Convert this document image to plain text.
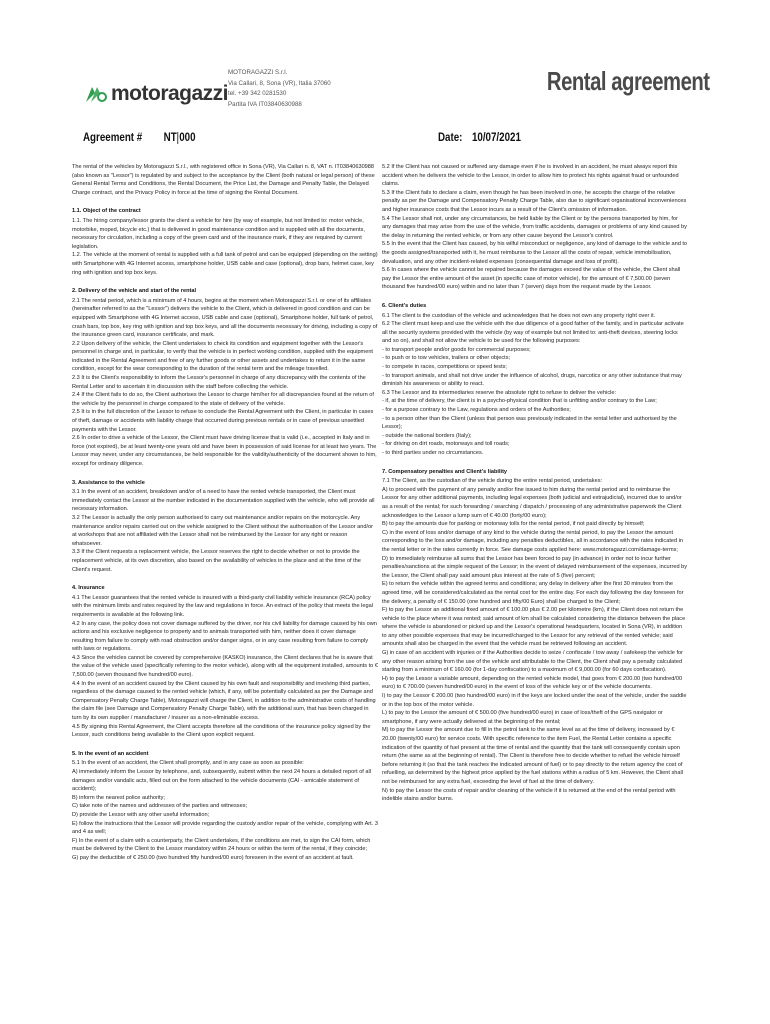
motoragazzi
MOTORAGAZZI S.r.l.
Via Callari, 8, Sona (VR), Italia 37060
tel. +39 342 0281530
Partita IVA IT03840630988
Rental agreement
Agreement # NT 000	Date: 10/07/2021

The rental of the vehicles by Motoragazzi S.r.l., with registered office in Sona (VR), Via Callari n. 8, VAT n. IT03840630988 (also known as "Lessor") is regulated by and subject to the acceptance by the Client (both natural or legal person) of these General Rental Terms and Conditions, the Rental Document, the Price List, the Damage and Penalty Table, the Delayed Charge contract, and the Privacy Policy in force at the time of signing the Rental Document.

1.1. Object of the contract

1.1. The hiring company/lessor grants the client a vehicle for hire (by way of example, but not limited to: motor vehicle, motorbike, moped, bicycle etc.) that is delivered in good maintenance condition and is supplied with all the documents, necessary for circulation, including a copy of the green card and of the insurance mark, if they are required by current legislation.

1.2. The vehicle at the moment of rental is supplied with a full tank of petrol and can be equipped (depending on the setting) with Smartphone with 4G Internet access, smartphone holder, USB cable and case (optional), drop bars, helmet case, key ring with ignition and top box keys.

2. Delivery of the vehicle and start of the rental

2.1 The rental period, which is a minimum of 4 hours, begins at the moment when Motoragazzi S.r.l. or one of its affiliates (hereinafter referred to as the "Lessor") delivers the vehicle to the Client, which is delivered in good condition and can be equipped with Smartphone with 4G Internet access, USB cable and case (optional), Smartphone holder, full tank of petrol, crash bars, top box, key ring with ignition and top box keys, and all the documents necessary for driving, including a copy of the insurance green card, insurance certificate, and mark.

2.2 Upon delivery of the vehicle, the Client undertakes to check its condition and equipment together with the Lessor's personnel in charge and, in particular, to verify that the vehicle is in perfect working condition, supplied with the equipment indicated in the Rental Agreement and free of any further goods or other assets and undertakes to return it in the same condition, except for the wear corresponding to the duration of the rental term and the mileage travelled.

2.3 It is the Client's responsibility to inform the Lessor's personnel in charge of any discrepancy with the contents of the Rental Letter and to ascertain it in discussion with the staff before collecting the vehicle.

2.4 If the Client fails to do so, the Client authorises the Lessor to charge him/her for all discrepancies found at the return of the vehicle by the personnel in charge compared to the state of delivery of the vehicle.

2.5 It is in the full discretion of the Lessor to refuse to conclude the Rental Agreement with the Client, in particular in cases of theft, damage or accidents with liability charge that occurred during previous rentals or in case of previous unsettled payments with the Lessor.

2.6 In order to drive a vehicle of the Lessor, the Client must have driving license that is valid (i.e., accepted in Italy and in force (not expired), be at least twenty-one years old and have been in possession of said license for at least two years. The Lessor may never, under any circumstances, be held responsible for the validity/authenticity of the document shown to him, except for ordinary diligence.

3. Assistance to the vehicle

3.1 In the event of an accident, breakdown and/or of a need to have the rented vehicle transported, the Client must immediately contact the Lessor at the number indicated in the documentation supplied with the vehicle, who will provide all necessary information.

3.2 The Lessor is actually the only person authorised to carry out maintenance and/or repairs on the motorcycle. Any maintenance and/or repairs carried out on the vehicle assigned to the Client without the authorisation of the Lessor and/or at workshops that are not affiliated with the Lessor shall not be reimbursed by the Lessor for any right or reason whatsoever.

3.3 If the Client requests a replacement vehicle, the Lessor reserves the right to decide whether or not to provide the replacement vehicle, at its own discretion, also based on the availability of vehicles in the place and at the time of the Client's request.

4. Insurance

4.1 The Lessor guarantees that the rented vehicle is insured with a third-party civil liability vehicle insurance (RCA) policy with the minimum limits and rates required by the law and regulations in force. An extract of the policy that meets the legal requirements is available at the following link.

4.2 In any case, the policy does not cover damage suffered by the driver, nor his civil liability for damage caused by his own actions and his exclusive negligence to property and to animals transported with him, neither does it cover damage resulting from failure to comply with road obstruction and/or danger signs, or in any case resulting from failure to comply with laws or regulations.

4.3 Since the vehicles cannot be covered by comprehensive (KASKO) insurance, the Client declares that he is aware that the value of the vehicle used (specifically referring to the motor vehicle), along with all the equipment installed, amounts to € 7,500.00 (seven thousand five hundred/00 euro).

4.4 In the event of an accident caused by the Client caused by his own fault and responsibility and involving third parties, regardless of the damage caused to the rented vehicle (which, if any, will be potentially calculated as per the Damage and Compensatory Penalty Charge Table), Motoragazzi will charge the Client, in addition to the administrative costs of handling the claim file (see Damage and Compensatory Penalty Charge Table), with the additional sum, that has been charged in turn by its own supplier / manufacturer / insurer as a non-eliminable excess.

4.5 By signing this Rental Agreement, the Client accepts therefore all the conditions of the insurance policy signed by the Lessor, such conditions being available to the Client upon explicit request.

5. In the event of an accident

5.1 In the event of an accident, the Client shall promptly, and in any case as soon as possible:

A) immediately inform the Lessor by telephone, and, subsequently, submit within the next 24 hours a detailed report of all damages and/or vandalic acts, filled out on the form attached to the vehicle documents (CAI - amicable statement of accident);

B) inform the nearest police authority;

C) take note of the names and addresses of the parties and witnesses;

D) provide the Lessor with any other useful information;

E) follow the instructions that the Lessor will provide regarding the custody and/or repair of the vehicle, complying with Art. 3 and 4 as well;

F) In the event of a claim with a counterparty, the Client undertakes, if the conditions are met, to sign the CAI form, which must be delivered by the Client to the Lessor mandatory within 24 hours or within the term of the rental, if they coincide;

G) pay the deductible of € 250.00 (two hundred fifty hundred/00 euro) foreseen in the event of an accident at fault.

5.2 If the Client has not caused or suffered any damage even if he is involved in an accident, he must always report this accident when he delivers the vehicle to the Lessor, in order to allow him to protect his rights against fraud or unfounded claims.

5.3 If the Client fails to declare a claim, even though he has been involved in one, he accepts the charge of the relative penalty as per the Damage and Compensatory Penalty Charge Table, also due to significant organisational inconveniences and higher insurance costs that the Lessor incurs as a result of the Client's omission of information.

5.4 The Lessor shall not, under any circumstances, be held liable by the Client or by the persons transported by him, for any damages that may arise from the use of the vehicle, from traffic accidents, damages or problems of any kind caused by the delay in returning the rented vehicle, or from any other cause beyond the Lessor's control.

5.5 In the event that the Client has caused, by his wilful misconduct or negligence, any kind of damage to the vehicle and to the goods assigned/transported with it, he must reimburse to the Lessor all the costs of repair, vehicle immobilisation, devaluation, and any other incident-related expenses (consequential damage and loss of profit).

5.6 In cases where the vehicle cannot be repaired because the damages exceed the value of the vehicle, the Client shall pay the Lessor the entire amount of the asset (in specific case of motor vehicle), for the amount of € 7,500.00 (seven thousand five hundred/00 euro) within and no later than 7 (seven) days from the request made by the Lessor.

6. Client's duties

6.1 The client is the custodian of the vehicle and acknowledges that he does not own any property right over it.

6.2 The client must keep and use the vehicle with the due diligence of a good father of the family, and in particular activate all the security systems provided with the vehicle (by way of example but not limited to: anti-theft devices, steering locks and so on), and shall not allow the vehicle to be used for the following purposes:

- to transport people and/or goods for commercial purposes;

- to push or to tow vehicles, trailers or other objects;

- to compete in races, competitions or speed tests;

- to transport animals, and shall not drive under the influence of alcohol, drugs, narcotics or any other substance that may diminish his awareness or ability to react.

6.3 The Lessor and its intermediaries reserve the absolute right to refuse to deliver the vehicle:

- if, at the time of delivery, the client is in a psycho-physical condition that is unfitting and/or contrary to the Law;

- for a purpose contrary to the Law, regulations and orders of the Authorities;

- to a person other than the Client (unless that person was previously indicated in the rental letter and authorised by the Lessor);

- outside the national borders (Italy);

- for driving on dirt roads, motorways and toll roads;

- to third parties under no circumstances.

7. Compensatory penalties and Client's liability

7.1 The Client, as the custodian of the vehicle during the entire rental period, undertakes:

A) to proceed with the payment of any penalty and/or fine issued to him during the rental period and to reimburse the Lessor for any other additional payments, including legal expenses (both judicial and extrajudicial), incurred due to and/or as a result of the rental; for such forwarding / searching / dispatch / processing of any administrative paperwork the Client acknowledges to the Lessor a lump sum of € 40.00 (forty/00 euro);

B) to pay the amounts due for parking or motorway tolls for the rental period, if not paid directly by himself;

C) in the event of loss and/or damage of any kind to the vehicle during the rental period, to pay the Lessor the amount corresponding to the loss and/or damage, including any penalties deductibles, all in accordance with the rates indicated in the rental letter or in the rates currently in force. See damage costs applied here: www.motoragazzi.com/damage-terms;

D) to immediately reimburse all sums that the Lessor has been forced to pay (in advance) in order not to incur further penalties/sanctions at the simple request of the Lessor; in the event of delayed reimbursement of the expenses, incurred by the Lessor, the Client shall pay said amount plus interest at the rate of 5 (five) percent;

E) to return the vehicle within the agreed terms and conditions; any delay in delivery after the first 30 minutes from the agreed time, will be considered/calculated as the rental cost for the entire day. For each day following the day foreseen for the delivery, a penalty of € 150.00 (one hundred and fifty/00 Euro) shall be charged to the Client;

F) to pay the Lessor an additional fixed amount of € 100.00 plus € 2.00 per kilometre (km), if the Client does not return the vehicle to the place where it was rented; said amount of km shall be calculated considering the distance between the place where the vehicle is abandoned or picked up and the Lessor's operational headquarters, located in Sona (VR), in addition to any other possible expenses that may be incurred/charged to the Lessor for any retrieval of the rented vehicle; said amounts shall also be charged in the event that the vehicle must be retrieved following an accident.

G) in case of an accident with injuries or if the Authorities decide to seize / confiscate / tow away / safekeep the vehicle for any other reason arising from the use of the vehicle and attributable to the Client, the Client shall pay a penalty calculated starting from a minimum of € 160.00 (for 1-day confiscation) to a maximum of € 9,000.00 (for 60 days confiscation).

H) to pay the Lessor a variable amount, depending on the rented vehicle model, that goes from € 200.00 (two hundred/00 euro) to € 700.00 (seven hundred/00 euro) in the event of loss of the vehicle key or of the vehicle documents.

I) to pay the Lessor € 200.00 (two hundred/00 euro) in if the keys are locked under the seat of the vehicle, under the saddle or in the top box of the motor vehicle.

L) to pay to the Lessor the amount of € 500.00 (five hundred/00 euro) in case of loss/theft of the GPS navigator or smartphone, if any were actually delivered at the beginning of the rental;

M) to pay the Lessor the amount due to fill in the petrol tank to the same level as at the time of delivery, increased by € 20.00 (twenty/00 euro) for service costs. With specific reference to the item Fuel, the Rental Letter contains a specific indication of the quantity of fuel present at the time of rental and the quantity that the tank will consequently contain upon return (the same as at the beginning of rental). The Client is therefore free to decide whether to refuel the vehicle himself before returning it (so that the tank reaches the indicated amount of fuel) or to pay directly to the return agency the cost of refuelling, as determined by the highest price applied by the fuel stations within a radius of 5 km. However, the Client shall not be reimbursed for any extra fuel, exceeding the level of fuel at the time of delivery.

N) to pay the Lessor the costs of repair and/or cleaning of the vehicle if it is returned at the end of the rental period with indelible stains and/or burns.
